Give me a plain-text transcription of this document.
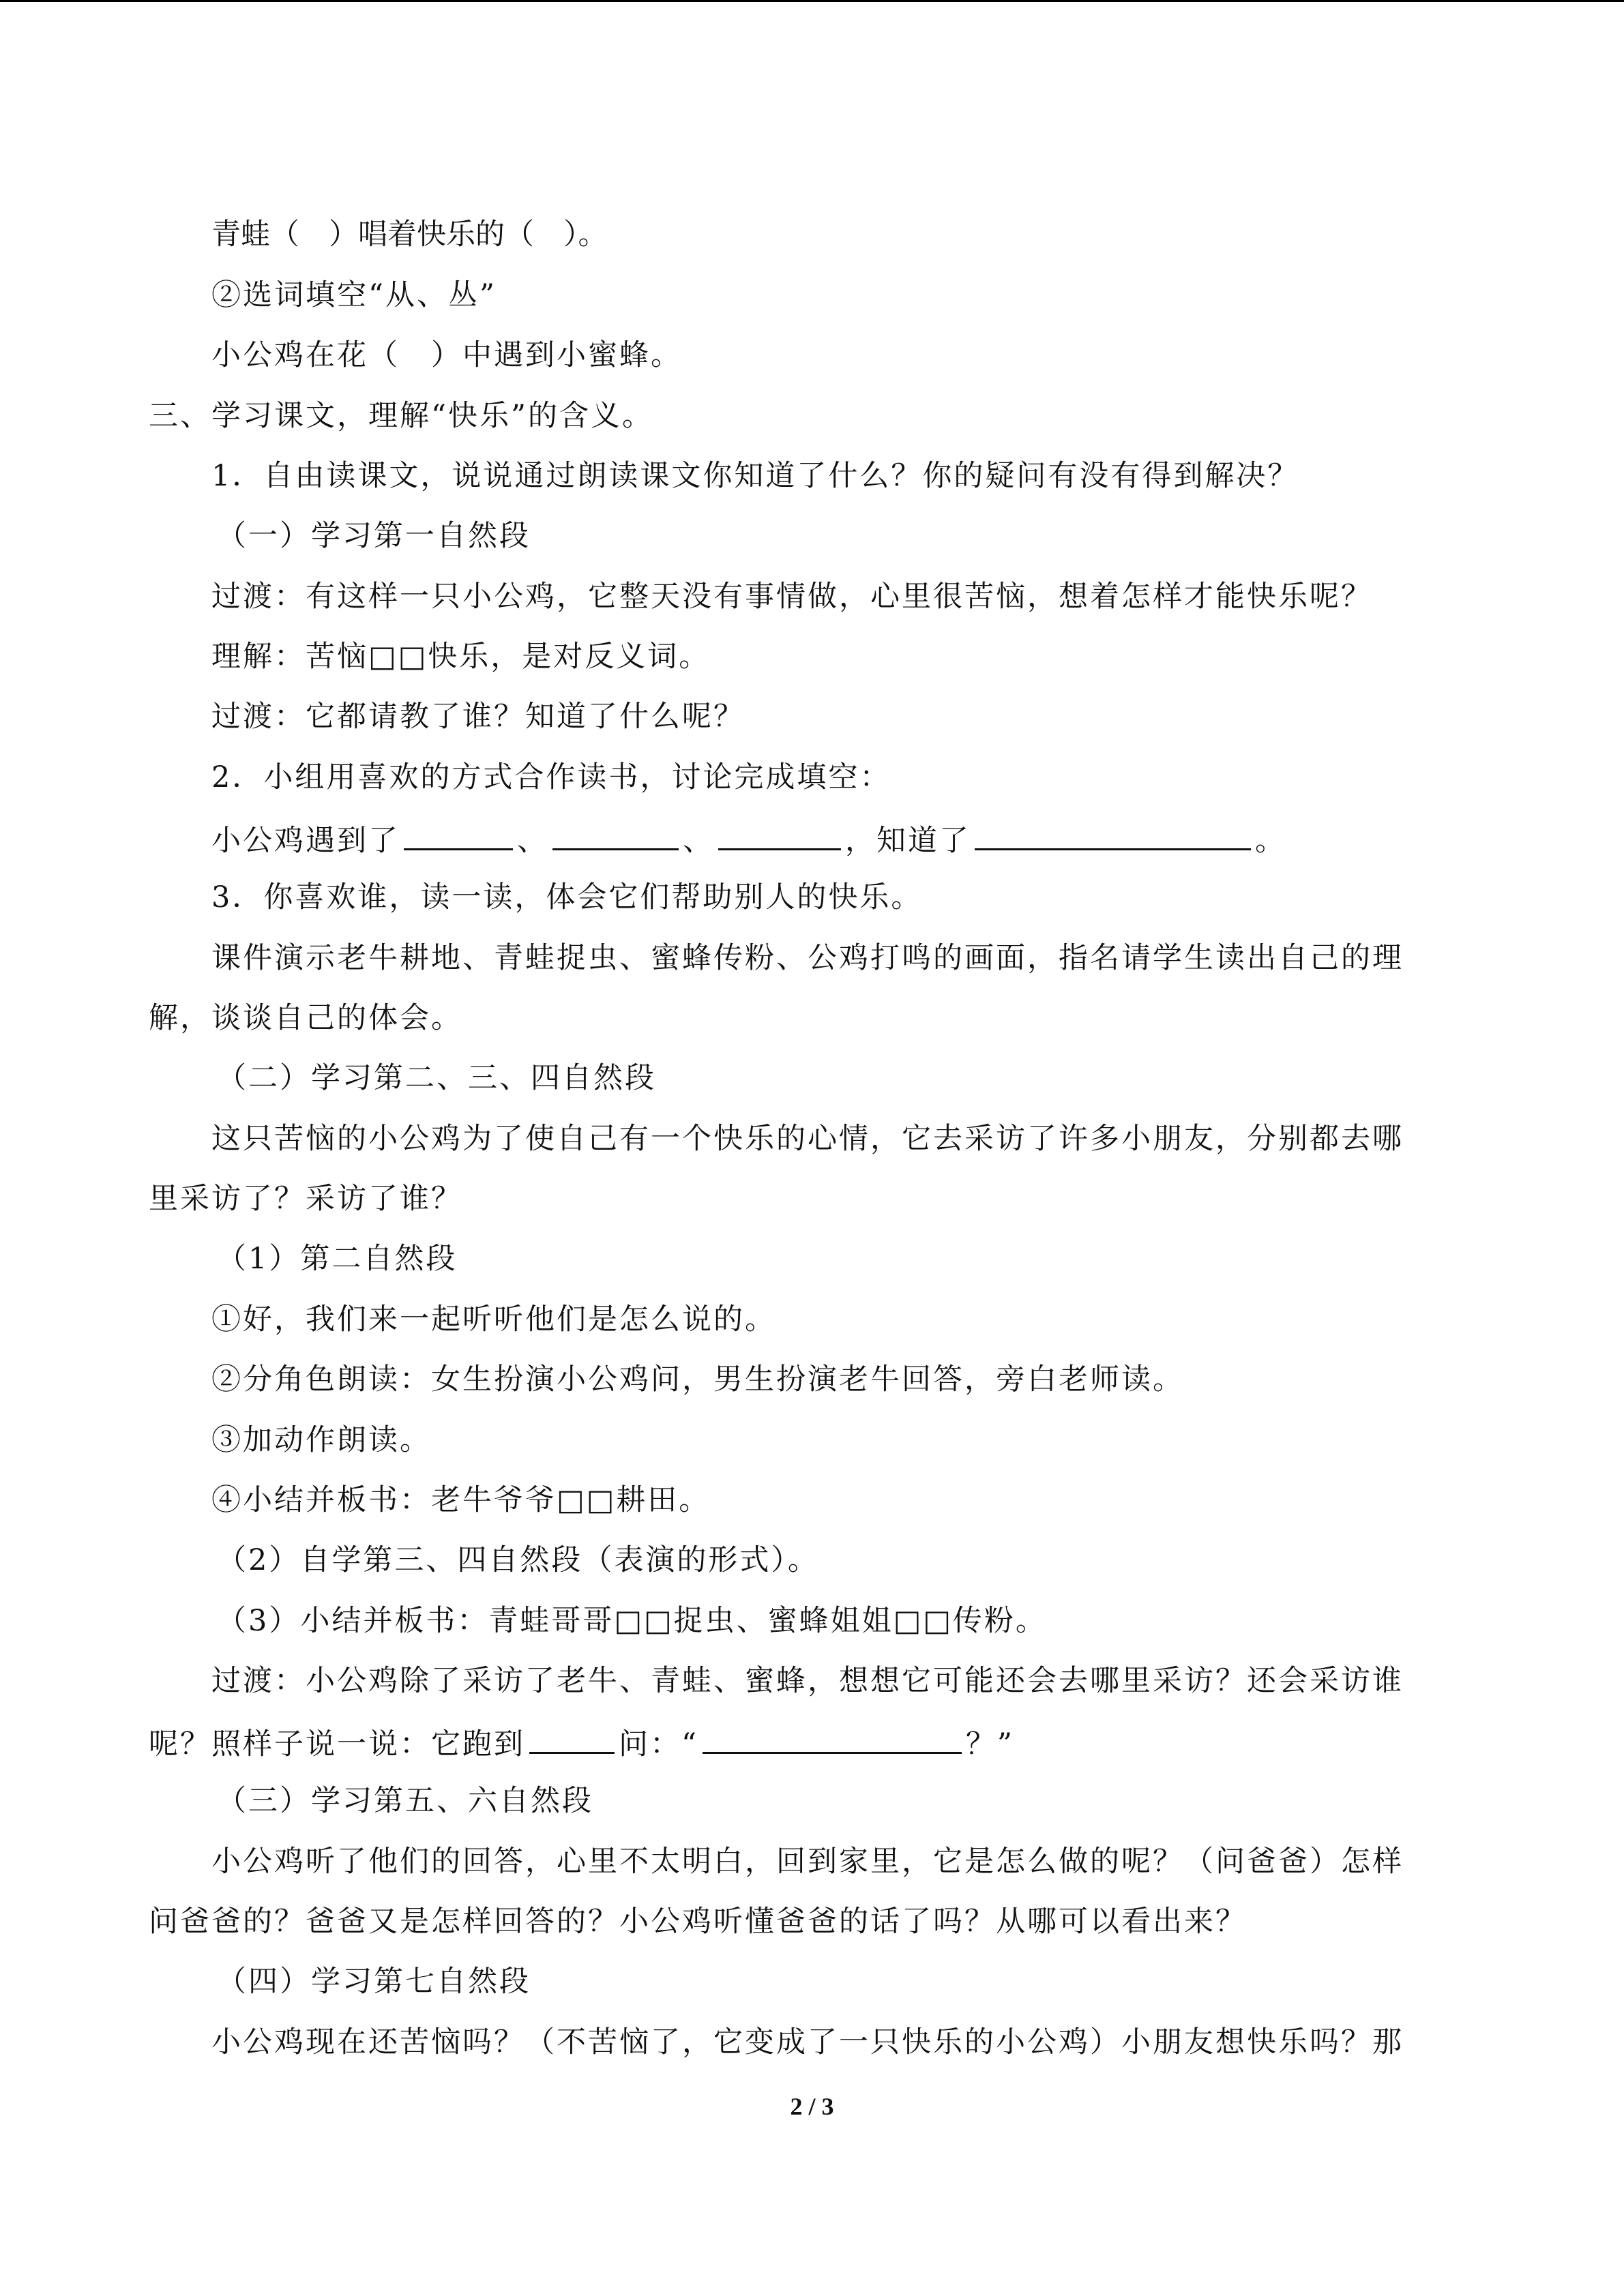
青蛙（　）唱着快乐的（　）。
②选词填空“从、丛”
小公鸡在花（　）中遇到小蜜蜂。
三、学习课文，理解“快乐”的含义。
1．自由读课文，说说通过朗读课文你知道了什么？你的疑问有没有得到解决？
（一）学习第一自然段
过渡：有这样一只小公鸡，它整天没有事情做，心里很苦恼，想着怎样才能快乐呢？
理解：苦恼□□快乐，是对反义词。
过渡：它都请教了谁？知道了什么呢？
2．小组用喜欢的方式合作读书，讨论完成填空：
小公鸡遇到了	、	、	，知道了	。
3．你喜欢谁，读一读，体会它们帮助别人的快乐。
课件演示老牛耕地、青蛙捉虫、蜜蜂传粉、公鸡打鸣的画面，指名请学生读出自己的理
解，谈谈自己的体会。
（二）学习第二、三、四自然段
这只苦恼的小公鸡为了使自己有一个快乐的心情，它去采访了许多小朋友，分别都去哪
里采访了？采访了谁？
（1）第二自然段
①好，我们来一起听听他们是怎么说的。
②分角色朗读：女生扮演小公鸡问，男生扮演老牛回答，旁白老师读。
③加动作朗读。
④小结并板书：老牛爷爷□□耕田。
（2）自学第三、四自然段（表演的形式）。
（3）小结并板书：青蛙哥哥□□捉虫、蜜蜂姐姐□□传粉。
过渡：小公鸡除了采访了老牛、青蛙、蜜蜂，想想它可能还会去哪里采访？还会采访谁
呢？照样子说一说：它跑到	问：“	？”
（三）学习第五、六自然段
小公鸡听了他们的回答，心里不太明白，回到家里，它是怎么做的呢？（问爸爸）怎样
问爸爸的？爸爸又是怎样回答的？小公鸡听懂爸爸的话了吗？从哪可以看出来？
（四）学习第七自然段
小公鸡现在还苦恼吗？（不苦恼了，它变成了一只快乐的小公鸡）小朋友想快乐吗？那
2 / 3
